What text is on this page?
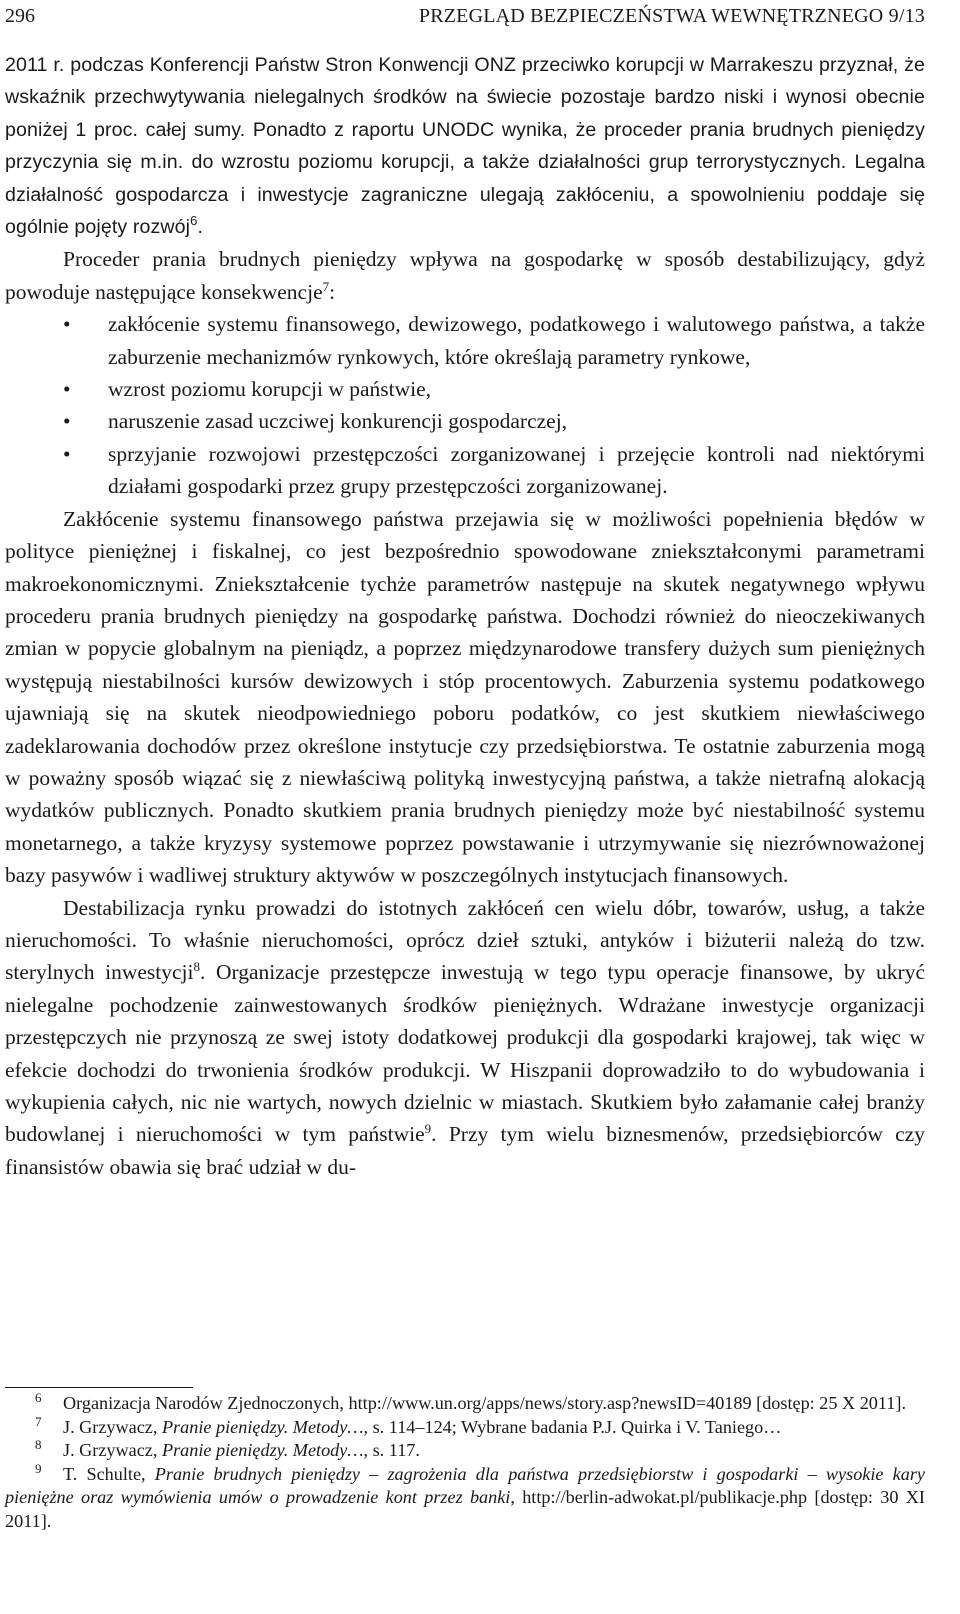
296	PRZEGLĄD BEZPIECZEŃSTWA WEWNĘTRZNEGO 9/13

2011 r. podczas Konferencji Państw Stron Konwencji ONZ przeciwko korupcji w Marrakeszu przyznał, że wskaźnik przechwytywania nielegalnych środków na świecie pozostaje bardzo niski i wynosi obecnie poniżej 1 proc. całej sumy. Ponadto z raportu UNODC wynika, że proceder prania brudnych pieniędzy przyczynia się m.in. do wzrostu poziomu korupcji, a także działalności grup terrorystycznych. Legalna działalność gospodarcza i inwestycje zagraniczne ulegają zakłóceniu, a spowolnieniu poddaje się ogólnie pojęty rozwój$^6$.

Proceder prania brudnych pieniędzy wpływa na gospodarkę w sposób destabilizujący, gdyż powoduje następujące konsekwencje$^7$:

• zakłócenie systemu finansowego, dewizowego, podatkowego i walutowego państwa, a także zaburzenie mechanizmów rynkowych, które określają parametry rynkowe,
• wzrost poziomu korupcji w państwie,
• naruszenie zasad uczciwej konkurencji gospodarczej,
• sprzyjanie rozwojowi przestępczości zorganizowanej i przejęcie kontroli nad niektórymi działami gospodarki przez grupy przestępczości zorganizowanej.

Zakłócenie systemu finansowego państwa przejawia się w możliwości popełnienia błędów w polityce pieniężnej i fiskalnej, co jest bezpośrednio spowodowane zniekształconymi parametrami makroekonomicznymi. Zniekształcenie tychże parametrów następuje na skutek negatywnego wpływu procederu prania brudnych pieniędzy na gospodarkę państwa. Dochodzi również do nieoczekiwanych zmian w popycie globalnym na pieniądz, a poprzez międzynarodowe transfery dużych sum pieniężnych występują niestabilności kursów dewizowych i stóp procentowych. Zaburzenia systemu podatkowego ujawniają się na skutek nieodpowiedniego poboru podatków, co jest skutkiem niewłaściwego zadeklarowania dochodów przez określone instytucje czy przedsiębiorstwa. Te ostatnie zaburzenia mogą w poważny sposób wiązać się z niewłaściwą polityką inwestycyjną państwa, a także nietrafną alokacją wydatków publicznych. Ponadto skutkiem prania brudnych pieniędzy może być niestabilność systemu monetarnego, a także kryzysy systemowe poprzez powstawanie i utrzymywanie się niezrównoważonej bazy pasywów i wadliwej struktury aktywów w poszczególnych instytucjach finansowych.

Destabilizacja rynku prowadzi do istotnych zakłóceń cen wielu dóbr, towarów, usług, a także nieruchomości. To właśnie nieruchomości, oprócz dzieł sztuki, antyków i biżuterii należą do tzw. sterylnych inwestycji$^8$. Organizacje przestępcze inwestują w tego typu operacje finansowe, by ukryć nielegalne pochodzenie zainwestowanych środków pieniężnych. Wdrażane inwestycje organizacji przestępczych nie przynoszą ze swej istoty dodatkowej produkcji dla gospodarki krajowej, tak więc w efekcie dochodzi do trwonienia środków produkcji. W Hiszpanii doprowadziło to do wybudowania i wykupienia całych, nic nie wartych, nowych dzielnic w miastach. Skutkiem było załamanie całej branży budowlanej i nieruchomości w tym państwie$^9$. Przy tym wielu biznesmenów, przedsiębiorców czy finansistów obawia się brać udział w du-

6 Organizacja Narodów Zjednoczonych, http://www.un.org/apps/news/story.asp?newsID=40189 [dostęp: 25 X 2011].

7 J. Grzywacz, Pranie pieniędzy. Metody…, s. 114–124; Wybrane badania P.J. Quirka i V. Taniego…

8 J. Grzywacz, Pranie pieniędzy. Metody…, s. 117.

9 T. Schulte, Pranie brudnych pieniędzy – zagrożenia dla państwa przedsiębiorstw i gospodarki – wysokie kary pieniężne oraz wymówienia umów o prowadzenie kont przez banki, http://berlin-adwokat.pl/publikacje.php [dostęp: 30 XI 2011].
